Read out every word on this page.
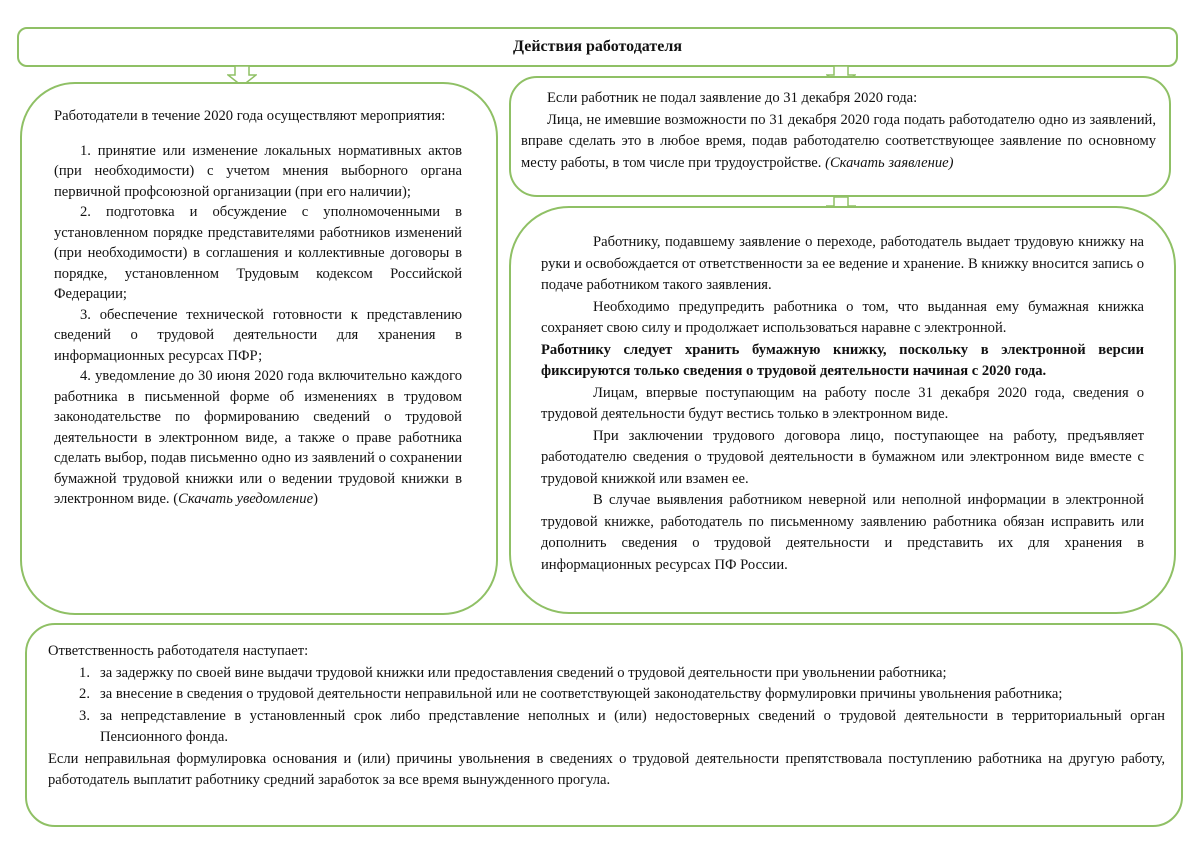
Действия работодателя

Работодатели в течение 2020 года осуществляют мероприятия:

1. принятие или изменение локальных нормативных актов (при необходимости) с учетом мнения выборного органа первичной профсоюзной организации (при его наличии);

2. подготовка и обсуждение с уполномоченными в установленном порядке представителями работников изменений (при необходимости) в соглашения и коллективные договоры в порядке, установленном Трудовым кодексом Российской Федерации;

3. обеспечение технической готовности к представлению сведений о трудовой деятельности для хранения в информационных ресурсах ПФР;

4. уведомление до 30 июня 2020 года включительно каждого работника в письменной форме об изменениях в трудовом законодательстве по формированию сведений о трудовой деятельности в электронном виде, а также о праве работника сделать выбор, подав письменно одно из заявлений о сохранении бумажной трудовой книжки или о ведении трудовой книжки в электронном виде. (Скачать уведомление)

Если работник не подал заявление до 31 декабря 2020 года:

Лица, не имевшие возможности по 31 декабря 2020 года подать работодателю одно из заявлений, вправе сделать это в любое время, подав работодателю соответствующее заявление по основному месту работы, в том числе при трудоустройстве. (Скачать заявление)

Работнику, подавшему заявление о переходе, работодатель выдает трудовую книжку на руки и освобождается от ответственности за ее ведение и хранение. В книжку вносится запись о подаче работником такого заявления.

Необходимо предупредить работника о том, что выданная ему бумажная книжка сохраняет свою силу и продолжает использоваться наравне с электронной.

Работнику следует хранить бумажную книжку, поскольку в электронной версии фиксируются только сведения о трудовой деятельности начиная с 2020 года.

Лицам, впервые поступающим на работу после 31 декабря 2020 года, сведения о трудовой деятельности будут вестись только в электронном виде.

При заключении трудового договора лицо, поступающее на работу, предъявляет работодателю сведения о трудовой деятельности в бумажном или электронном виде вместе с трудовой книжкой или взамен ее.

В случае выявления работником неверной или неполной информации в электронной трудовой книжке, работодатель по письменному заявлению работника обязан исправить или дополнить сведения о трудовой деятельности и представить их для хранения в информационных ресурсах ПФ России.

Ответственность работодателя наступает:

1. за задержку по своей вине выдачи трудовой книжки или предоставления сведений о трудовой деятельности при увольнении работника;
2. за внесение в сведения о трудовой деятельности неправильной или не соответствующей законодательству формулировки причины увольнения работника;
3. за непредставление в установленный срок либо представление неполных и (или) недостоверных сведений о трудовой деятельности в территориальный орган Пенсионного фонда.

Если неправильная формулировка основания и (или) причины увольнения в сведениях о трудовой деятельности препятствовала поступлению работника на другую работу, работодатель выплатит работнику средний заработок за все время вынужденного прогула.
